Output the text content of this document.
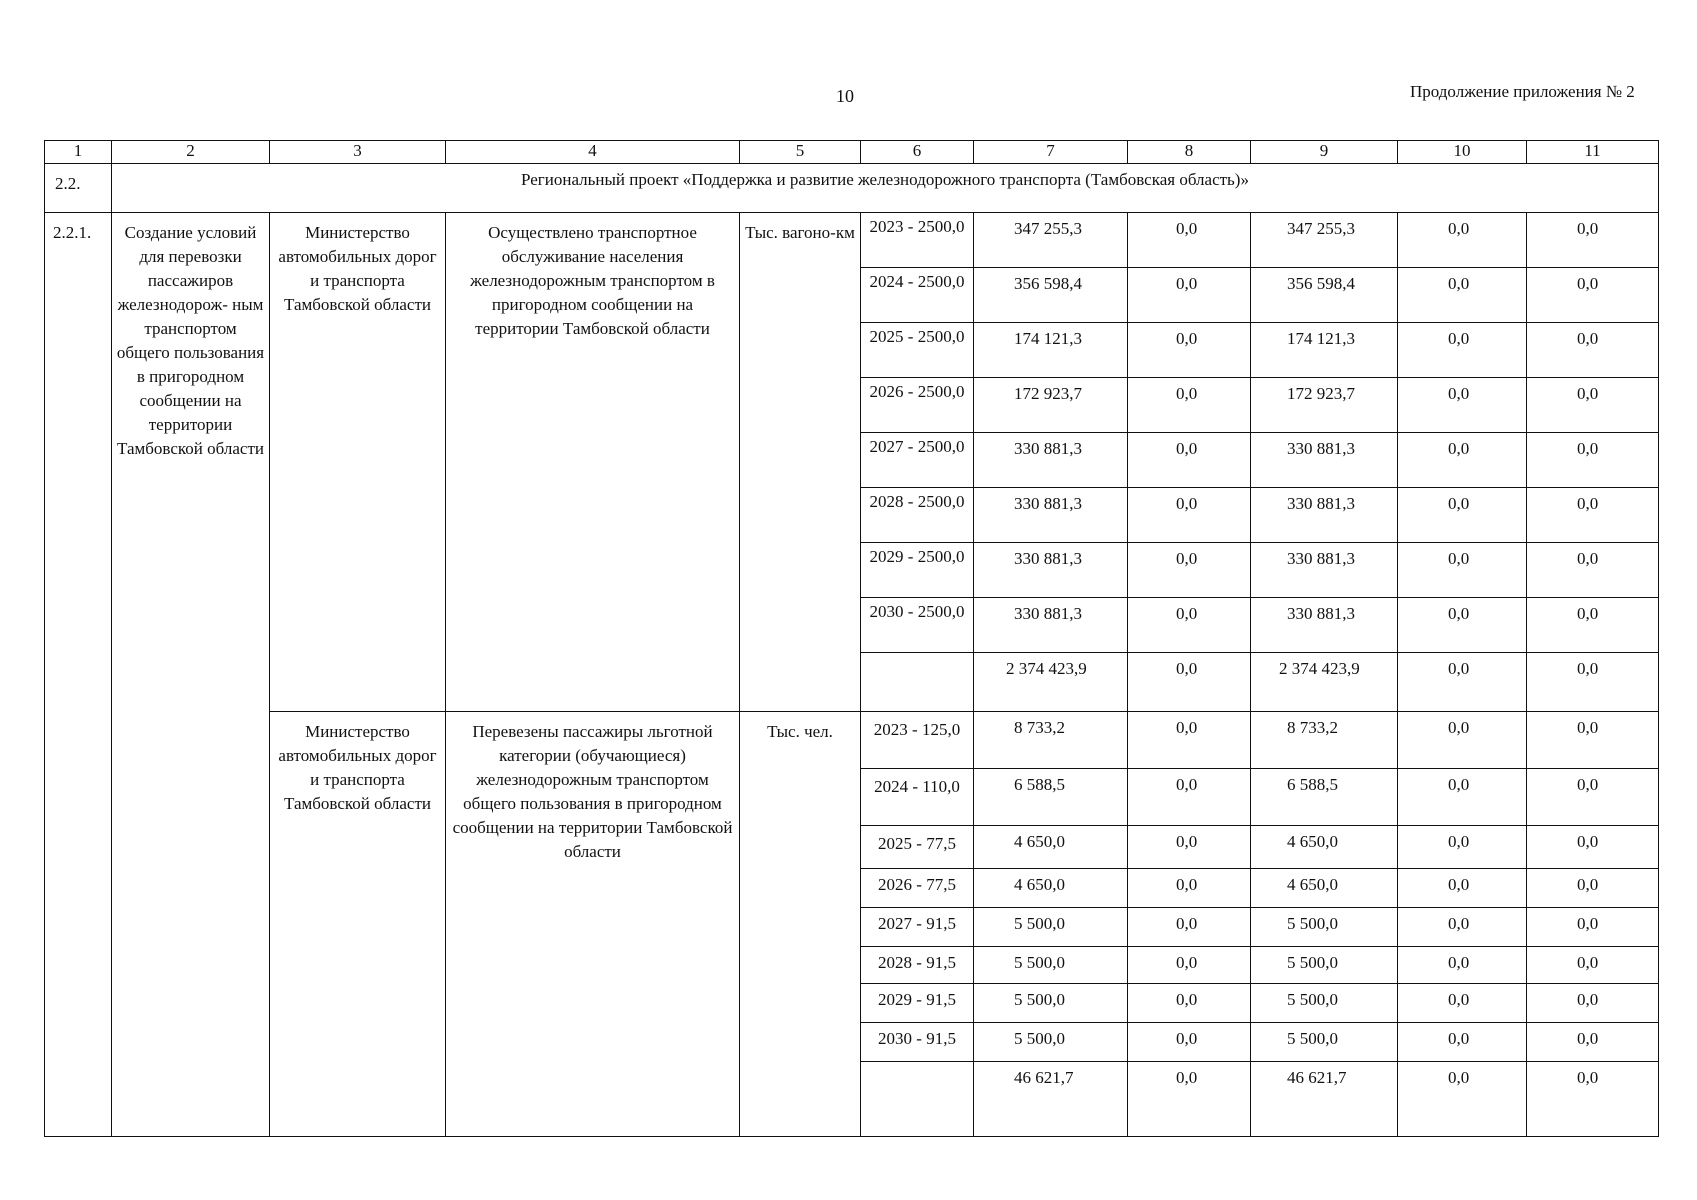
10	Продолжение приложения № 2
1	2	3	4	5	6	7	8	9	10	11
2.2.	Региональный проект «Поддержка и развитие железнодорожного транспорта (Тамбовская область)»									
2.2.1.	Создание условий для перевозки пассажиров железнодорож- ным транспортом общего пользования в пригородном сообщении на территории Тамбовской области	Министерство автомобильных дорог и транспорта Тамбовской области	Осуществлено транспортное обслуживание населения железнодорожным транспортом в пригородном сообщении на территории Тамбовской области	Тыс. вагоно-км	2023 - 2500,0	347 255,3	0,0	347 255,3	0,0	0,0
					2024 - 2500,0	356 598,4	0,0	356 598,4	0,0	0,0
					2025 - 2500,0	174 121,3	0,0	174 121,3	0,0	0,0
					2026 - 2500,0	172 923,7	0,0	172 923,7	0,0	0,0
					2027 - 2500,0	330 881,3	0,0	330 881,3	0,0	0,0
					2028 - 2500,0	330 881,3	0,0	330 881,3	0,0	0,0
					2029 - 2500,0	330 881,3	0,0	330 881,3	0,0	0,0
					2030 - 2500,0	330 881,3	0,0	330 881,3	0,0	0,0
						2 374 423,9	0,0	2 374 423,9	0,0	0,0
		Министерство автомобильных дорог и транспорта Тамбовской области	Перевезены пассажиры льготной категории (обучающиеся) железнодорожным транспортом общего пользования в пригородном сообщении на территории Тамбовской области	Тыс. чел.	2023 - 125,0	8 733,2	0,0	8 733,2	0,0	0,0
					2024 - 110,0	6 588,5	0,0	6 588,5	0,0	0,0
					2025 - 77,5	4 650,0	0,0	4 650,0	0,0	0,0
					2026 - 77,5	4 650,0	0,0	4 650,0	0,0	0,0
					2027 - 91,5	5 500,0	0,0	5 500,0	0,0	0,0
					2028 - 91,5	5 500,0	0,0	5 500,0	0,0	0,0
					2029 - 91,5	5 500,0	0,0	5 500,0	0,0	0,0
					2030 - 91,5	5 500,0	0,0	5 500,0	0,0	0,0
						46 621,7	0,0	46 621,7	0,0	0,0
